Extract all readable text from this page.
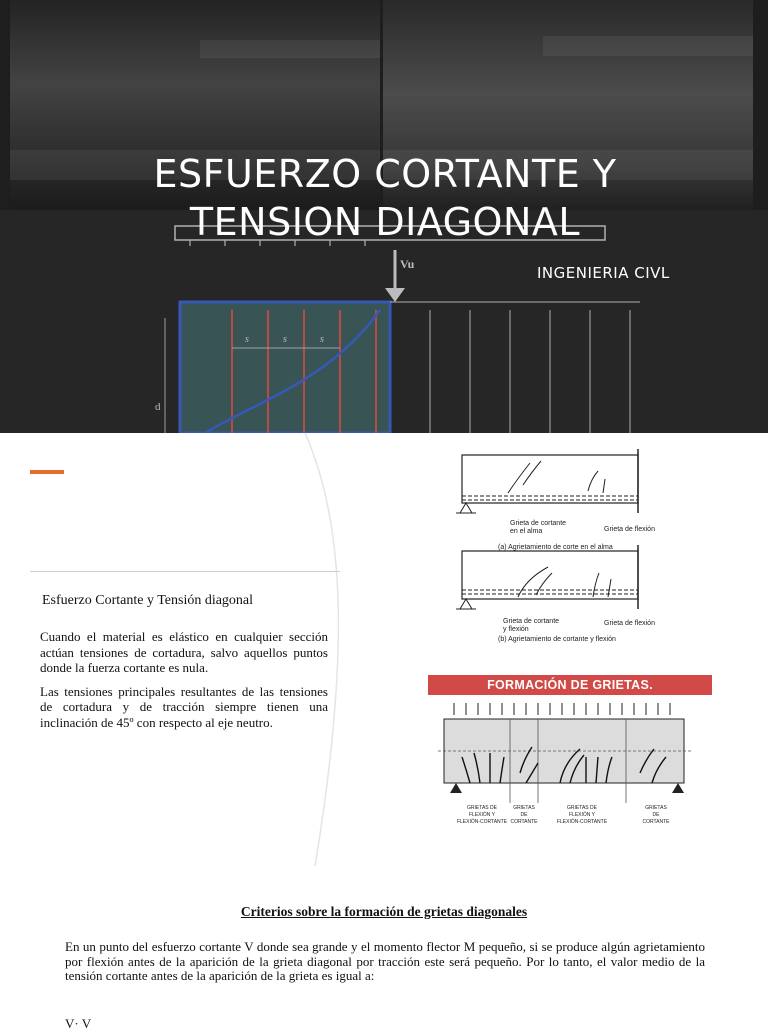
Vu
s	s	s
d
ESFUERZO CORTANTE Y
TENSION DIAGONAL
INGENIERIA CIVL
Esfuerzo Cortante y Tensión diagonal

Cuando el material es elástico en cualquier sección actúan tensiones de cortadura, salvo aquellos puntos donde la fuerza cortante es nula.

Las tensiones principales resultantes de las tensiones de cortadura y de tracción siempre tienen una inclinación de 45º con respecto al eje neutro.

Grieta de cortante
en el alma	Grieta de flexión
(a) Agrietamiento de corte en el alma
Grieta de cortante
y flexión
Grieta de flexión
(b) Agrietamiento de cortante y flexión
FORMACIÓN DE GRIETAS.
GRIETAS DE
FLEXIÓN Y
FLEXIÓN-CORTANTE
GRIETAS
DE
CORTANTE
GRIETAS DE
FLEXIÓN Y
FLEXIÓN-CORTANTE
GRIETAS
DE
CORTANTE
Criterios sobre la formación de grietas diagonales
En un punto del esfuerzo cortante V donde sea grande y el momento flector M pequeño, si se produce algún agrietamiento por flexión antes de la aparición de la grieta diagonal por tracción este será pequeño. Por lo tanto, el valor medio de la tensión cortante antes de la aparición de la grieta es igual a:
V· V
